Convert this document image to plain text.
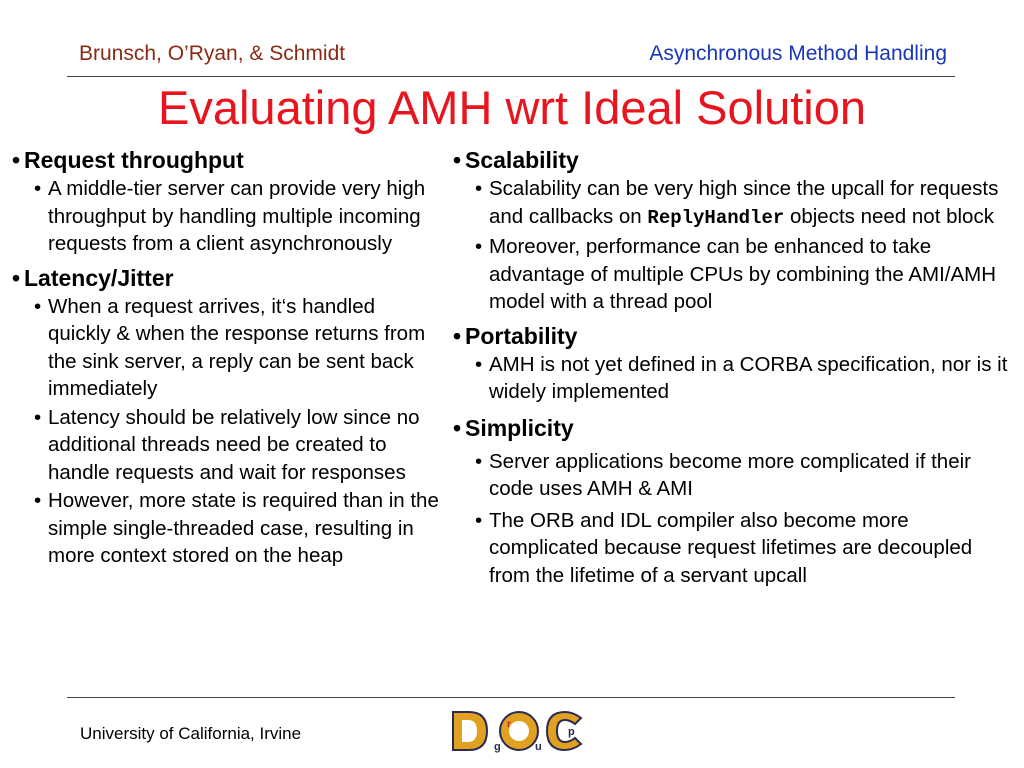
Brunsch, O’Ryan, & Schmidt	Asynchronous Method Handling
Evaluating AMH wrt Ideal Solution
• Request throughput
• A middle-tier server can provide very high throughput by handling multiple incoming requests from a client asynchronously
• Latency/Jitter
• When a request arrives, it‘s handled quickly & when the response returns from the sink server, a reply can be sent back immediately
• Latency should be relatively low since no additional threads need be created to handle requests and wait for responses
• However, more state is required than in the simple single-threaded case, resulting in more context stored on the heap
• Scalability
• Scalability can be very high since the upcall for requests and callbacks on ReplyHandler objects need not block
• Moreover, performance can be enhanced to take advantage of multiple CPUs by combining the AMI/AMH model with a thread pool
• Portability
• AMH is not yet defined in a CORBA specification, nor is it widely implemented
• Simplicity
• Server applications become more complicated if their code uses AMH & AMI
• The ORB and IDL compiler also become more complicated because request lifetimes are decoupled from the lifetime of a servant upcall
University of California, Irvine
g
r
u
p
